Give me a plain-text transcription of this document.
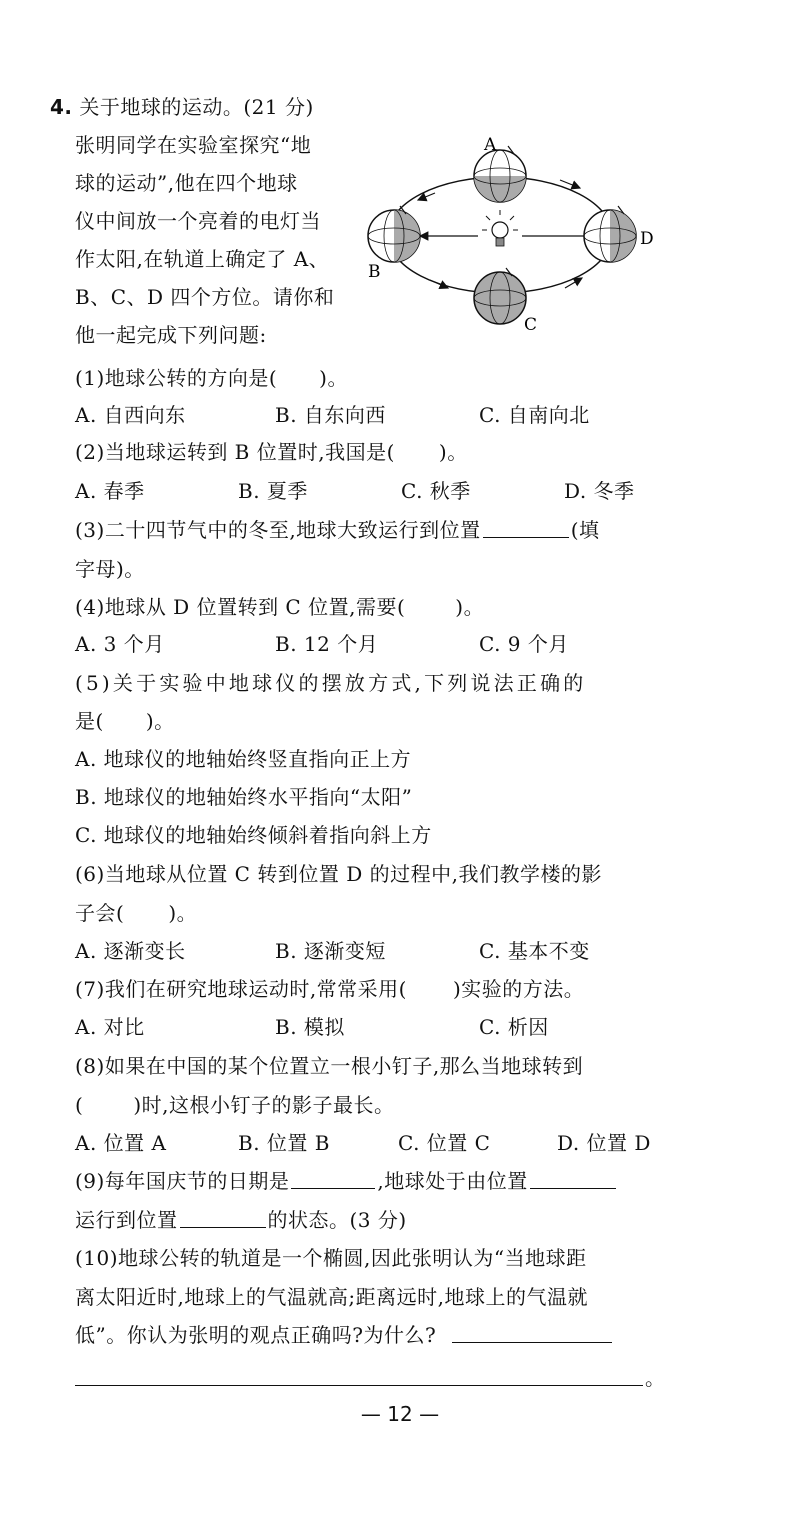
4. 关于地球的运动。(21 分)
张明同学在实验室探究“地
球的运动”,他在四个地球
仪中间放一个亮着的电灯当
作太阳,在轨道上确定了 A、
B、C、D 四个方位。请你和
他一起完成下列问题:
A
B
C
D
(1)地球公转的方向是( )。
A. 自西向东	B. 自东向西	C. 自南向北
(2)当地球运转到 B 位置时,我国是( )。
A. 春季	B. 夏季	C. 秋季	D. 冬季
(3)二十四节气中的冬至,地球大致运行到位置	(填
字母)。
(4)地球从 D 位置转到 C 位置,需要(	)。
A. 3 个月	B. 12 个月	C. 9 个月
(5)关于实验中地球仪的摆放方式,下列说法正确的
是( )。
A. 地球仪的地轴始终竖直指向正上方
B. 地球仪的地轴始终水平指向“太阳”
C. 地球仪的地轴始终倾斜着指向斜上方
(6)当地球从位置 C 转到位置 D 的过程中,我们教学楼的影
子会( )。
A. 逐渐变长	B. 逐渐变短	C. 基本不变
(7)我们在研究地球运动时,常常采用( )实验的方法。
A. 对比	B. 模拟	C. 析因
(8)如果在中国的某个位置立一根小钉子,那么当地球转到
(	)时,这根小钉子的影子最长。
A. 位置 A	B. 位置 B	C. 位置 C	D. 位置 D
(9)每年国庆节的日期是	,地球处于由位置
运行到位置	的状态。(3 分)
(10)地球公转的轨道是一个椭圆,因此张明认为“当地球距
离太阳近时,地球上的气温就高;距离远时,地球上的气温就
低”。你认为张明的观点正确吗?为什么?
。
— 12 —
